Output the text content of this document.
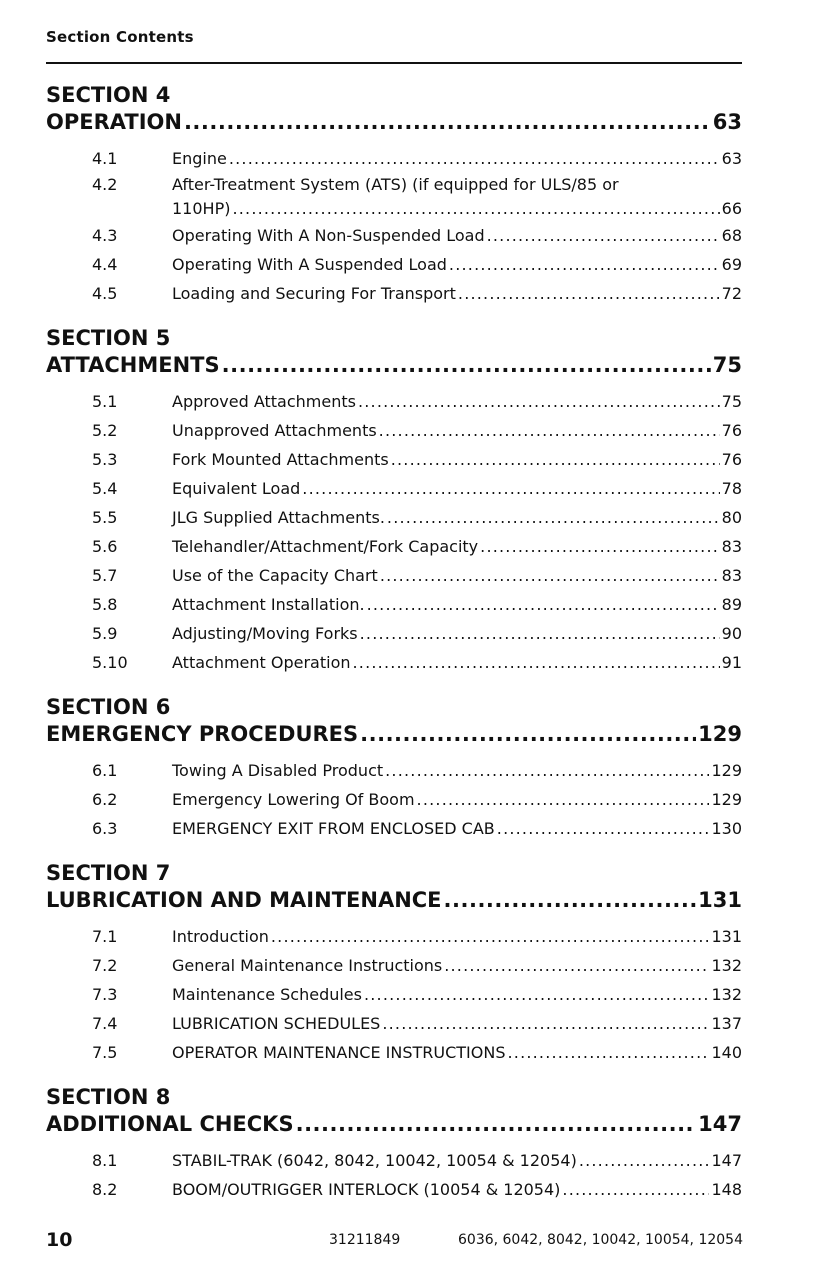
Section Contents
SECTION 4
OPERATION .....	63
4.1	Engine .....	63
4.2	After-Treatment System (ATS) (if equipped for ULS/85 or
110HP) .....	66
4.3	Operating With A Non-Suspended Load .....	68
4.4	Operating With A Suspended Load .....	69
4.5	Loading and Securing For Transport .....	72
SECTION 5
ATTACHMENTS .....	75
5.1	Approved Attachments .....	75
5.2	Unapproved Attachments .....	76
5.3	Fork Mounted Attachments .....	76
5.4	Equivalent Load .....	78
5.5	JLG Supplied Attachments. .....	80
5.6	Telehandler/Attachment/Fork Capacity .....	83
5.7	Use of the Capacity Chart .....	83
5.8	Attachment Installation. .....	89
5.9	Adjusting/Moving Forks .....	90
5.10	Attachment Operation .....	91
SECTION 6
EMERGENCY PROCEDURES .....	129
6.1	Towing A Disabled Product .....	129
6.2	Emergency Lowering Of Boom .....	129
6.3	EMERGENCY EXIT FROM ENCLOSED CAB .....	130
SECTION 7
LUBRICATION AND MAINTENANCE .....	131
7.1	Introduction .....	131
7.2	General Maintenance Instructions .....	132
7.3	Maintenance Schedules .....	132
7.4	LUBRICATION SCHEDULES .....	137
7.5	OPERATOR MAINTENANCE INSTRUCTIONS .....	140
SECTION 8
ADDITIONAL CHECKS .....	147
8.1	STABIL-TRAK (6042, 8042, 10042, 10054 & 12054) .....	147
8.2	BOOM/OUTRIGGER INTERLOCK (10054 & 12054) .....	148
10	31211849	6036, 6042, 8042, 10042, 10054, 12054
